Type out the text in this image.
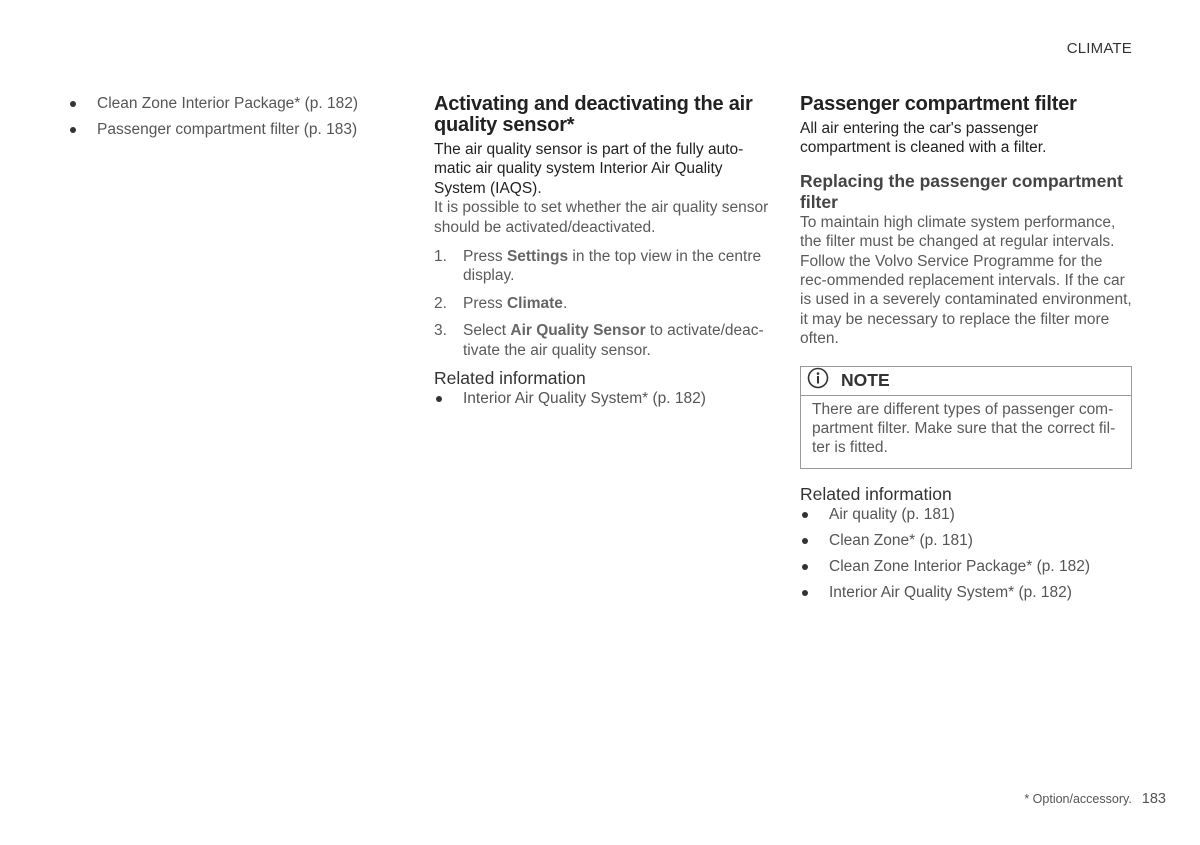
CLIMATE
Clean Zone Interior Package* (p. 182)
Passenger compartment filter (p. 183)
Activating and deactivating the air quality sensor*

The air quality sensor is part of the fully auto-matic air quality system Interior Air Quality System (IAQS).

It is possible to set whether the air quality sensor should be activated/deactivated.

1. Press Settings in the top view in the centre display.
2. Press Climate.
3. Select Air Quality Sensor to activate/deac-tivate the air quality sensor.
Related information
Interior Air Quality System* (p. 182)
Passenger compartment filter

All air entering the car's passenger compartment is cleaned with a filter.

Replacing the passenger compartment filter

To maintain high climate system performance, the filter must be changed at regular intervals. Follow the Volvo Service Programme for the rec-ommended replacement intervals. If the car is used in a severely contaminated environment, it may be necessary to replace the filter more often.

NOTE
There are different types of passenger com-partment filter. Make sure that the correct fil-ter is fitted.
Related information
Air quality (p. 181)
Clean Zone* (p. 181)
Clean Zone Interior Package* (p. 182)
Interior Air Quality System* (p. 182)
* Option/accessory. 183
